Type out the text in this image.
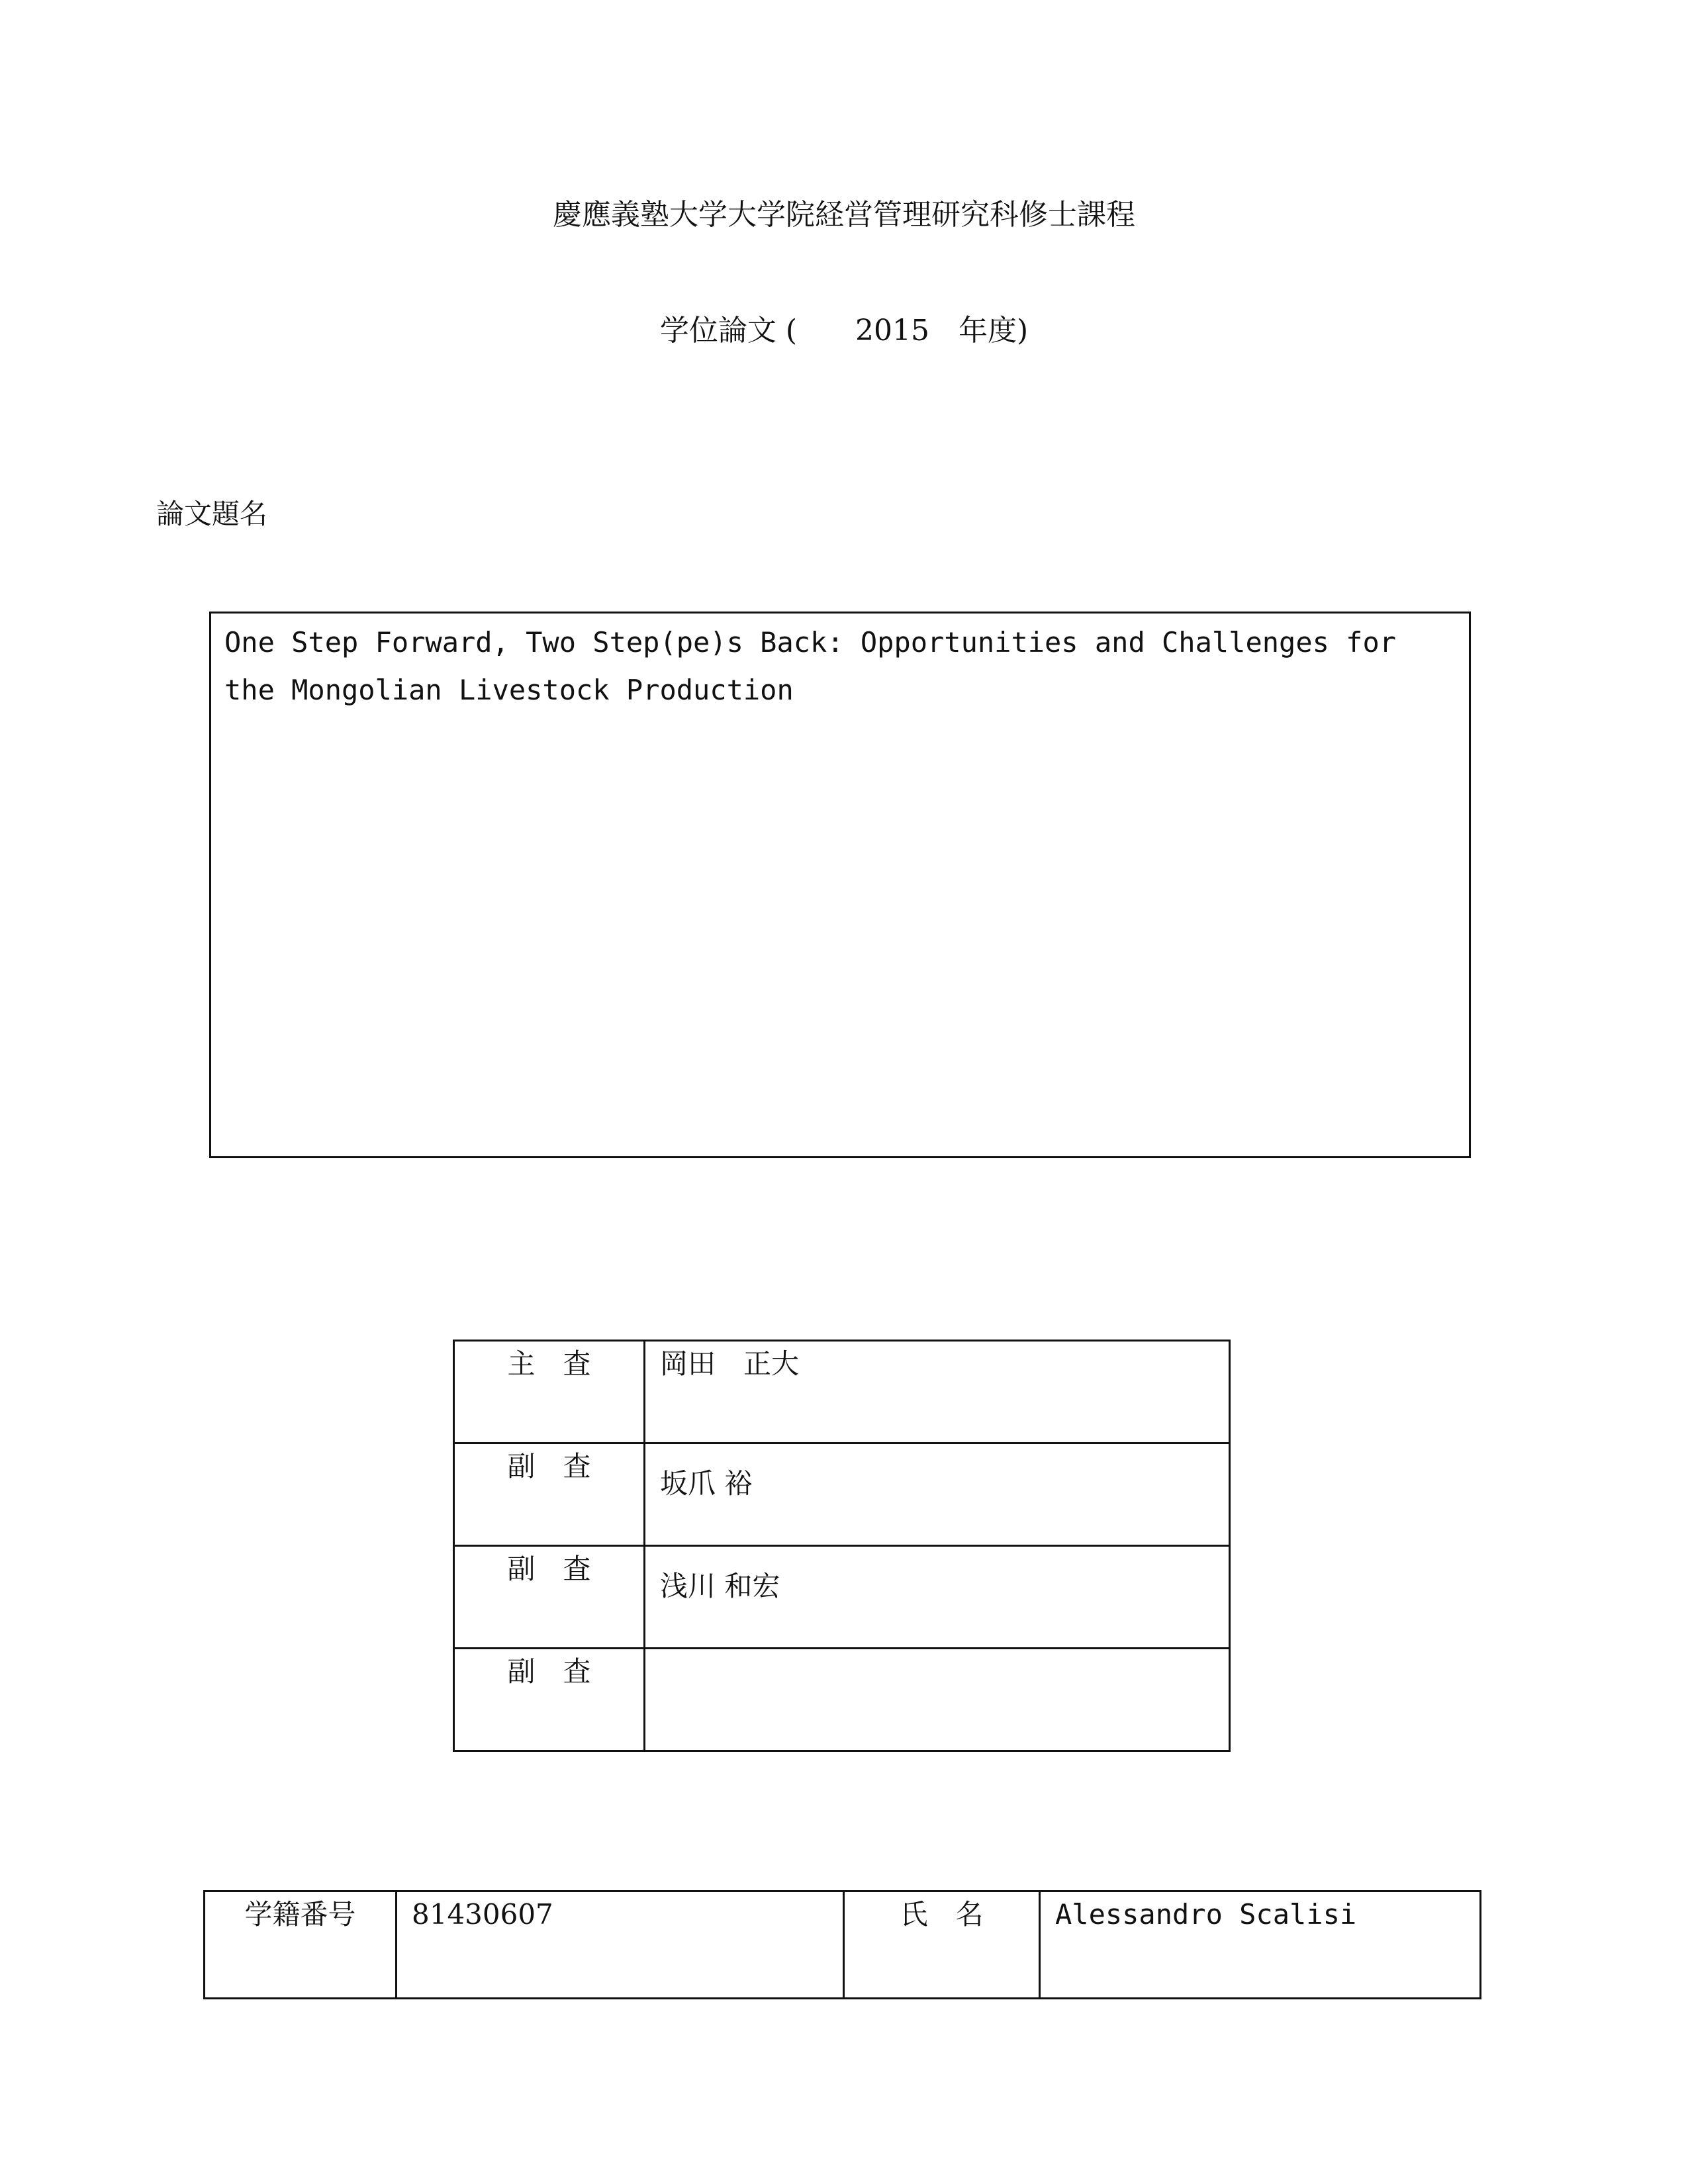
慶應義塾大学大学院経営管理研究科修士課程
学位論文 (　　2015　年度)
論文題名
One Step Forward, Two Step(pe)s Back: Opportunities and Challenges for the Mongolian Livestock Production
主　査	岡田　正大
副　査	坂爪 裕
副　査	浅川 和宏
副　査	
学籍番号	81430607	氏　名	Alessandro Scalisi
